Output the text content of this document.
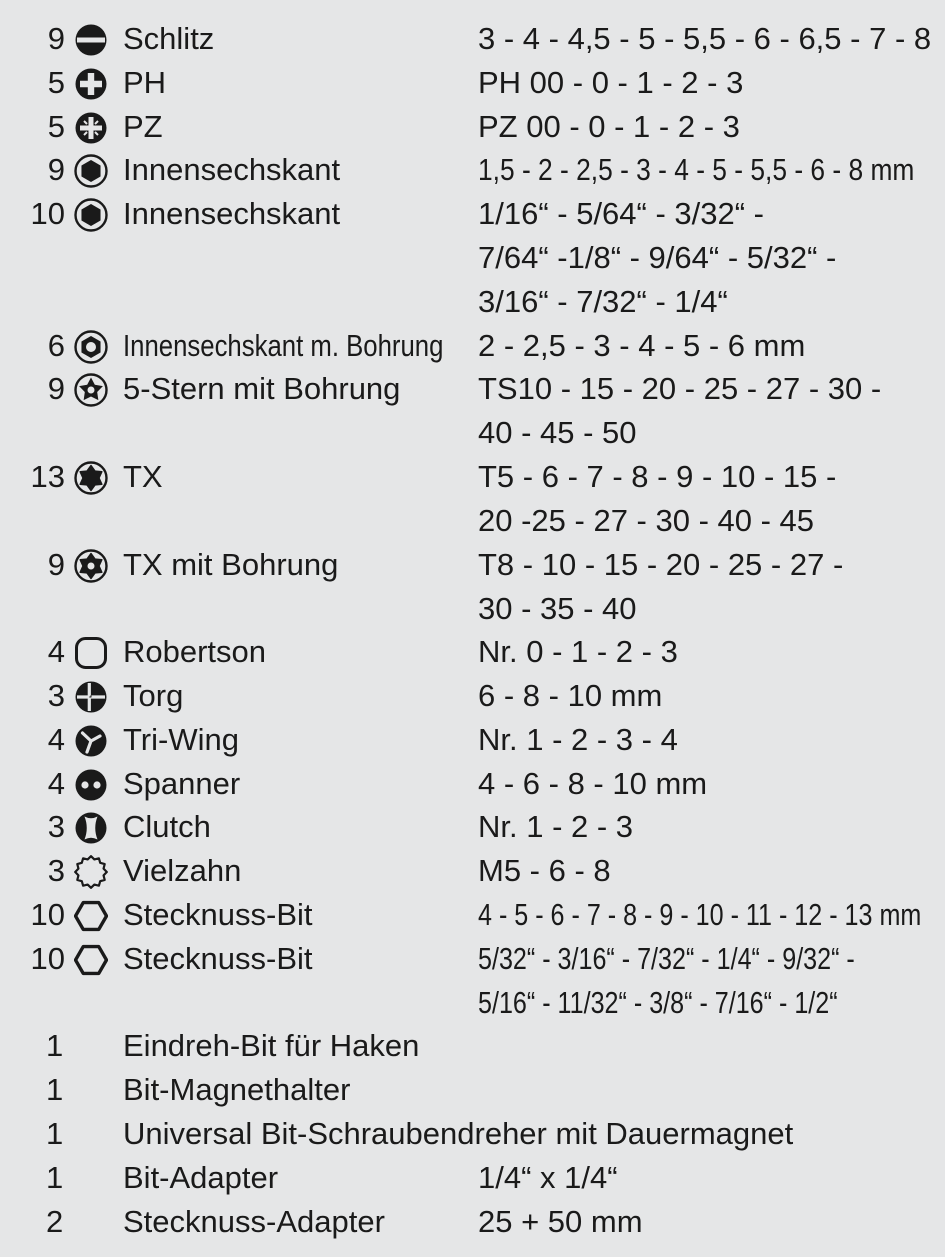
9 Schlitz	3 - 4 - 4,5 - 5 - 5,5 - 6 - 6,5 - 7 - 8
5 PH	PH 00 - 0 - 1 - 2 - 3
5 PZ	PZ 00 - 0 - 1 - 2 - 3
9 Innensechskant	1,5 - 2 - 2,5 - 3 - 4 - 5 - 5,5 - 6 - 8 mm
10 Innensechskant	1/16“ - 5/64“ - 3/32“ -
7/64“ -1/8“ - 9/64“ - 5/32“ -
3/16“ - 7/32“ - 1/4“
6 Innensechskant m. Bohrung 2 - 2,5 - 3 - 4 - 5 - 6 mm
9 5-Stern mit Bohrung	TS10 - 15 - 20 - 25 - 27 - 30 -
40 - 45 - 50
13 TX	T5 - 6 - 7 - 8 - 9 - 10 - 15 -
20 -25 - 27 - 30 - 40 - 45
9 TX mit Bohrung	T8 - 10 - 15 - 20 - 25 - 27 -
30 - 35 - 40
4 Robertson	Nr. 0 - 1 - 2 - 3
3 Torg	6 - 8 - 10 mm
4 Tri-Wing	Nr. 1 - 2 - 3 - 4
4 Spanner	4 - 6 - 8 - 10 mm
3 Clutch	Nr. 1 - 2 - 3
3 Vielzahn	M5 - 6 - 8
10 Stecknuss-Bit	4 - 5 - 6 - 7 - 8 - 9 - 10 - 11 - 12 - 13 mm
10 Stecknuss-Bit	5/32“ - 3/16“ - 7/32“ - 1/4“ - 9/32“ -
5/16“ - 11/32“ - 3/8“ - 7/16“ - 1/2“
1 Eindreh-Bit für Haken
1 Bit-Magnethalter
1 Universal Bit-Schraubendreher mit Dauermagnet
1 Bit-Adapter	1/4“ x 1/4“
2 Stecknuss-Adapter	25 + 50 mm
